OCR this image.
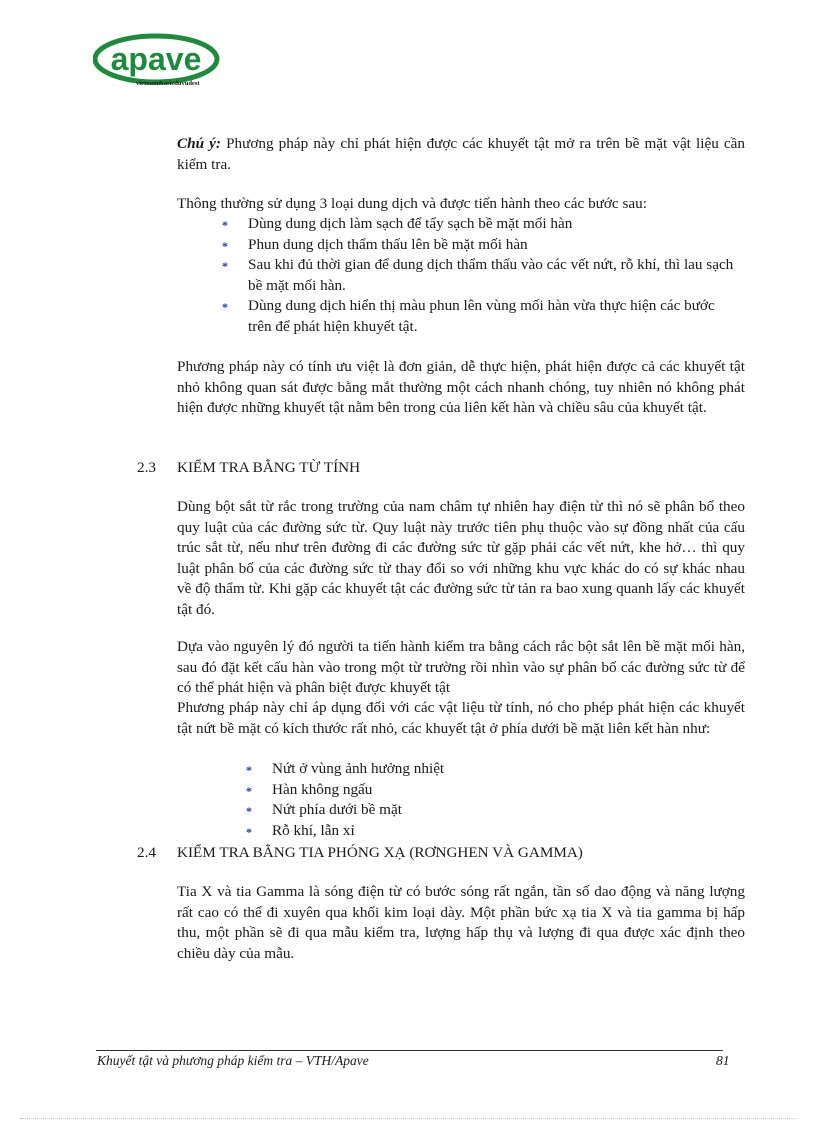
apave
vietnam&asieduvudest

Chú ý: Phương pháp này chỉ phát hiện được các khuyết tật mở ra trên bề mặt vật liệu cần kiểm tra.

Thông thường sử dụng 3 loại dung dịch và được tiến hành theo các bước sau:

* Dùng dung dịch làm sạch để tẩy sạch bề mặt mối hàn
* Phun dung dịch thẩm thấu lên bề mặt mối hàn
* Sau khi đủ thời gian để dung dịch thẩm thấu vào các vết nứt, rỗ khí, thì lau sạch bề mặt mối hàn.
* Dùng dung dịch hiển thị màu phun lên vùng mối hàn vừa thực hiện các bước trên để phát hiện khuyết tật.

Phương pháp này có tính ưu việt là đơn giản, dễ thực hiện, phát hiện được cả các khuyết tật nhỏ không quan sát được bằng mắt thường một cách nhanh chóng, tuy nhiên nó không phát hiện được những khuyết tật nằm bên trong của liên kết hàn và chiều sâu của khuyết tật.

2.3 KIỂM TRA BẰNG TỪ TÍNH

Dùng bột sắt từ rắc trong trường của nam châm tự nhiên hay điện từ thì nó sẽ phân bố theo quy luật của các đường sức từ. Quy luật này trước tiên phụ thuộc vào sự đồng nhất của cấu trúc sắt từ, nếu như trên đường đi các đường sức từ gặp phải các vết nứt, khe hở… thì quy luật phân bố của các đường sức từ thay đổi so với những khu vực khác do có sự khác nhau về độ thẩm từ. Khi gặp các khuyết tật các đường sức từ tản ra bao xung quanh lấy các khuyết tật đó.

Dựa vào nguyên lý đó người ta tiến hành kiểm tra bằng cách rắc bột sắt lên bề mặt mối hàn, sau đó đặt kết cấu hàn vào trong một từ trường rồi nhìn vào sự phân bố các đường sức từ để có thể phát hiện và phân biệt được khuyết tật

Phương pháp này chỉ áp dụng đối với các vật liệu từ tính, nó cho phép phát hiện các khuyết tật nứt bề mặt có kích thước rất nhỏ, các khuyết tật ở phía dưới bề mặt liên kết hàn như:

* Nứt ở vùng ảnh hưởng nhiệt
* Hàn không ngấu
* Nứt phía dưới bề mặt
* Rỗ khí, lẫn xỉ
2.4 KIỂM TRA BẰNG TIA PHÓNG XẠ (RƠNGHEN VÀ GAMMA)

Tia X và tia Gamma là sóng điện từ có bước sóng rất ngắn, tần số dao động và năng lượng rất cao có thể đi xuyên qua khối kim loại dày. Một phần bức xạ tia X và tia gamma bị hấp thu, một phần sẽ đi qua mẫu kiểm tra, lượng hấp thụ và lượng đi qua được xác định theo chiều dày của mẫu.

Khuyết tật và phương pháp kiểm tra – VTH/Apave	81
